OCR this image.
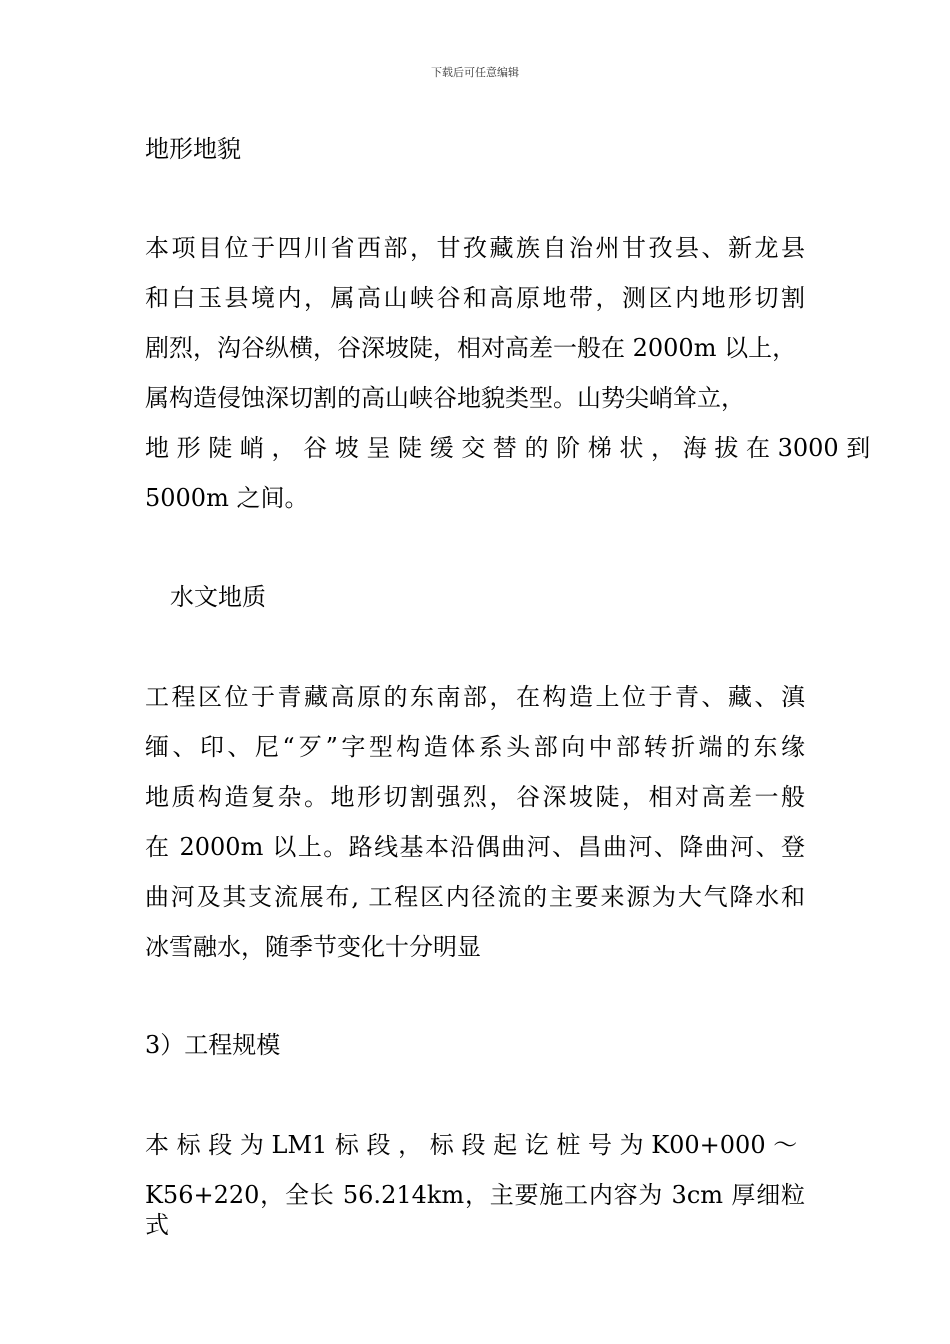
下载后可任意编辑
地形地貌
本项目位于四川省西部，甘孜藏族自治州甘孜县、新龙县
和白玉县境内，属高山峡谷和高原地带，测区内地形切割
剧烈，沟谷纵横，谷深坡陡，相对高差一般在 2000m 以上，
属构造侵蚀深切割的高山峡谷地貌类型。山势尖峭耸立，
地 形 陡 峭 ， 谷 坡 呈 陡 缓 交 替 的 阶 梯 状 ， 海 拔 在 3000 到
5000m 之间。
水文地质
工程区位于青藏高原的东南部，在构造上位于青、藏、滇
缅、印、尼“歹”字型构造体系头部向中部转折端的东缘
地质构造复杂。地形切割强烈，谷深坡陡，相对高差一般
在 2000m 以上。路线基本沿偶曲河、昌曲河、降曲河、登
曲河及其支流展布, 工程区内径流的主要来源为大气降水和
冰雪融水，随季节变化十分明显
3）工程规模
本 标 段 为 LM1 标 段 ， 标 段 起 讫 桩 号 为 K00+000 ～
K56+220，全长 56.214km，主要施工内容为 3cm 厚细粒式
